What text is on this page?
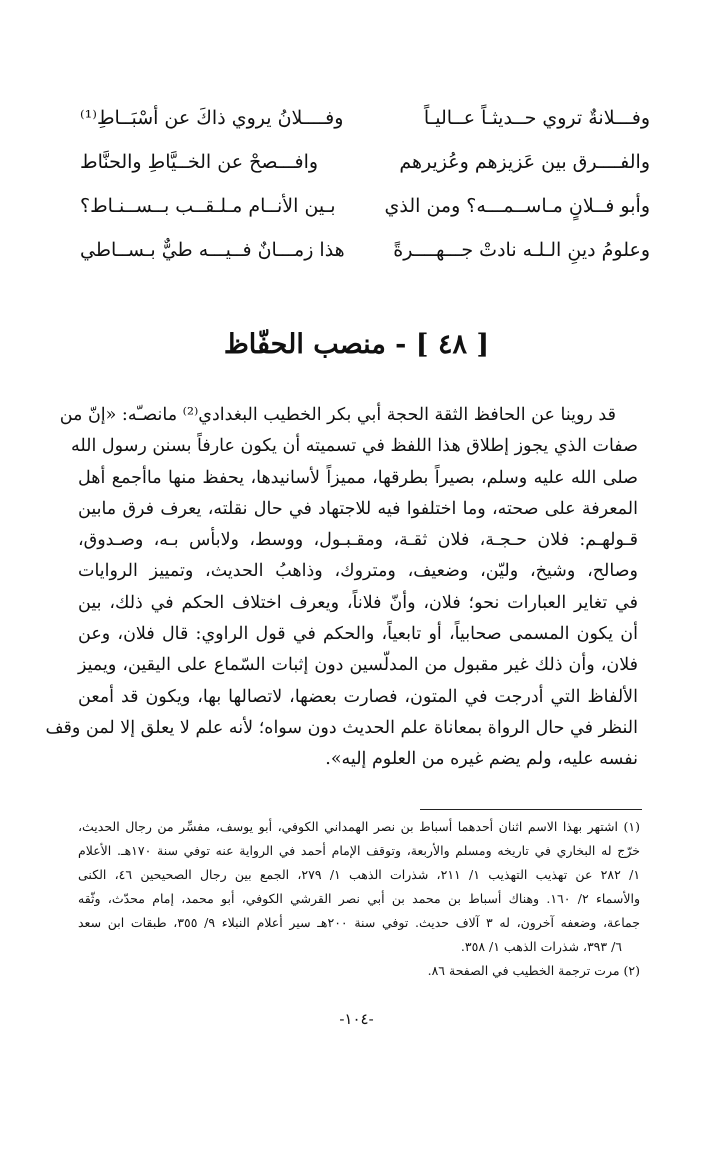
وفـــلانةٌ تروي حــديثـاً عــاليـاً
وفــــلانُ يروي ذاكَ عن أسْبَــاطِ⁽¹⁾
والفــــرق بين عَزيزهم وعُزيرهم
وافـــصحْ عن الخــيَّاطِ والحنَّاط
وأبو فــلانٍ مـاســمـــه؟ ومن الذي
بـين الأنــام مـلـقــب بــســنـاط؟
وعلومُ دينِ الـلـه نادتْ جـــهــــرةً
هذا زمـــانٌ فــيـــه طيٌّ بـســاطي
[ ٤٨ ] - منصب الحفّاظ
قد روينا عن الحافظ الثقة الحجة أبي بكر الخطيب البغدادي⁽²⁾ مانصـّه: «إنّ من
صفات الذي يجوز إطلاق هذا اللفظ في تسميته أن يكون عارفاً بسنن رسول الله
صلى الله عليه وسلم، بصيراً بطرقها، مميزاً لأسانيدها، يحفظ منها ماأجمع أهل
المعرفة على صحته، وما اختلفوا فيه للاجتهاد في حال نقلته، يعرف فرق مابين
قـولهـم: فلان حـجـة، فلان ثقـة، ومقـبـول، ووسط، ولابأس بـه، وصـدوق،
وصالح، وشيخ، وليّن، وضعيف، ومتروك، وذاهبُ الحديث، وتمييز الروايات
في تغاير العبارات نحو؛ فلان، وأنّ فلاناً، ويعرف اختلاف الحكم في ذلك، بين
أن يكون المسمى صحابياً، أو تابعياً، والحكم في قول الراوي: قال فلان، وعن
فلان، وأن ذلك غير مقبول من المدلّسين دون إثبات السّماع على اليقين، ويميز
الألفاظ التي أدرجت في المتون، فصارت بعضها، لاتصالها بها، ويكون قد أمعن
النظر في حال الرواة بمعاناة علم الحديث دون سواه؛ لأنه علم لا يعلق إلا لمن وقف
نفسه عليه، ولم يضم غيره من العلوم إليه».
(١) اشتهر بهذا الاسم اثنان أحدهما أسباط بن نصر الهمداني الكوفي، أبو يوسف، مفسِّر من رجال الحديث،
خرّج له البخاري في تاريخه ومسلم والأربعة، وتوقف الإمام أحمد في الرواية عنه توفي سنة ١٧٠هـ. الأعلام
١/ ٢٨٢ عن تهذيب التهذيب ١/ ٢١١، شذرات الذهب ١/ ٢٧٩، الجمع بين رجال الصحيحين ٤٦، الكنى
والأسماء ٢/ ١٦٠. وهناك أسباط بن محمد بن أبي نصر القرشي الكوفي، أبو محمد، إمام محدّث، وثّقه
جماعة، وضعفه آخرون، له ٣ آلاف حديث. توفي سنة ٢٠٠هـ سير أعلام النبلاء ٩/ ٣٥٥، طبقات ابن سعد
٦/ ٣٩٣، شذرات الذهب ١/ ٣٥٨.
(٢) مرت ترجمة الخطيب في الصفحة ٨٦.
-١٠٤-
